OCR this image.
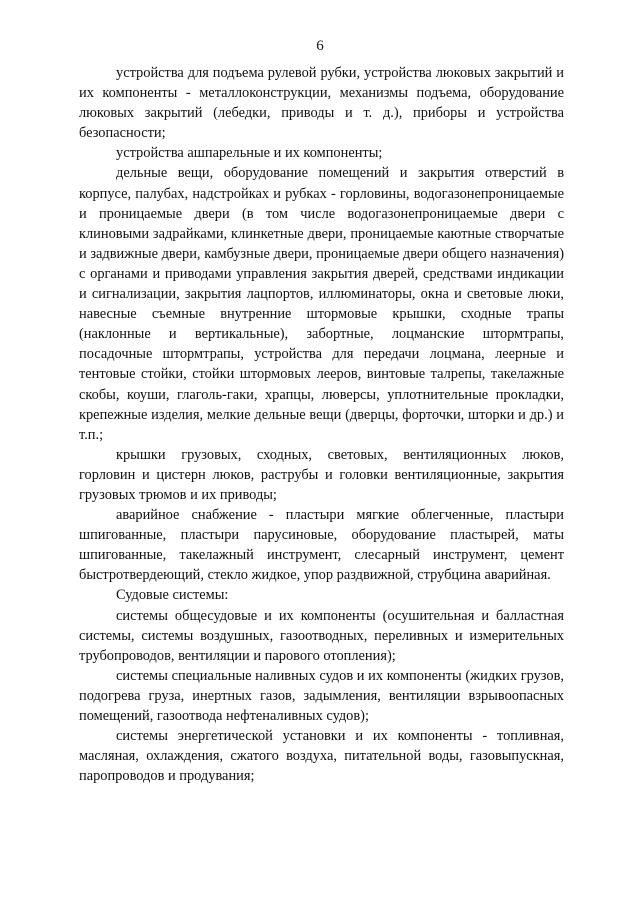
6

устройства для подъема рулевой рубки, устройства люковых закрытий и их компоненты - металлоконструкции, механизмы подъема, оборудование люковых закрытий (лебедки, приводы и т. д.), приборы и устройства безопасности;

устройства ашпарельные и их компоненты;

дельные вещи, оборудование помещений и закрытия отверстий в корпусе, палубах, надстройках и рубках - горловины, водогазонепроницаемые и проницаемые двери (в том числе водогазонепроницаемые двери с клиновыми задрайками, клинкетные двери, проницаемые каютные створчатые и задвижные двери, камбузные двери, проницаемые двери общего назначения) с органами и приводами управления закрытия дверей, средствами индикации и сигнализации, закрытия лацпортов, иллюминаторы, окна и световые люки, навесные съемные внутренние штормовые крышки, сходные трапы (наклонные и вертикальные), забортные, лоцманские штормтрапы, посадочные штормтрапы, устройства для передачи лоцмана, леерные и тентовые стойки, стойки штормовых лееров, винтовые талрепы, такелажные скобы, коуши, глаголь-гаки, храпцы, люверсы, уплотнительные прокладки, крепежные изделия, мелкие дельные вещи (дверцы, форточки, шторки и др.) и т.п.;

крышки грузовых, сходных, световых, вентиляционных люков, горловин и цистерн люков, раструбы и головки вентиляционные, закрытия грузовых трюмов и их приводы;

аварийное снабжение - пластыри мягкие облегченные, пластыри шпигованные, пластыри парусиновые, оборудование пластырей, маты шпигованные, такелажный инструмент, слесарный инструмент, цемент быстротвердеющий, стекло жидкое, упор раздвижной, струбцина аварийная.

Судовые системы:

системы общесудовые и их компоненты (осушительная и балластная системы, системы воздушных, газоотводных, переливных и измерительных трубопроводов, вентиляции и парового отопления);

системы специальные наливных судов и их компоненты (жидких грузов, подогрева груза, инертных газов, задымления, вентиляции взрывоопасных помещений, газоотвода нефтеналивных судов);

системы энергетической установки и их компоненты - топливная, масляная, охлаждения, сжатого воздуха, питательной воды, газовыпускная, паропроводов и продувания;
